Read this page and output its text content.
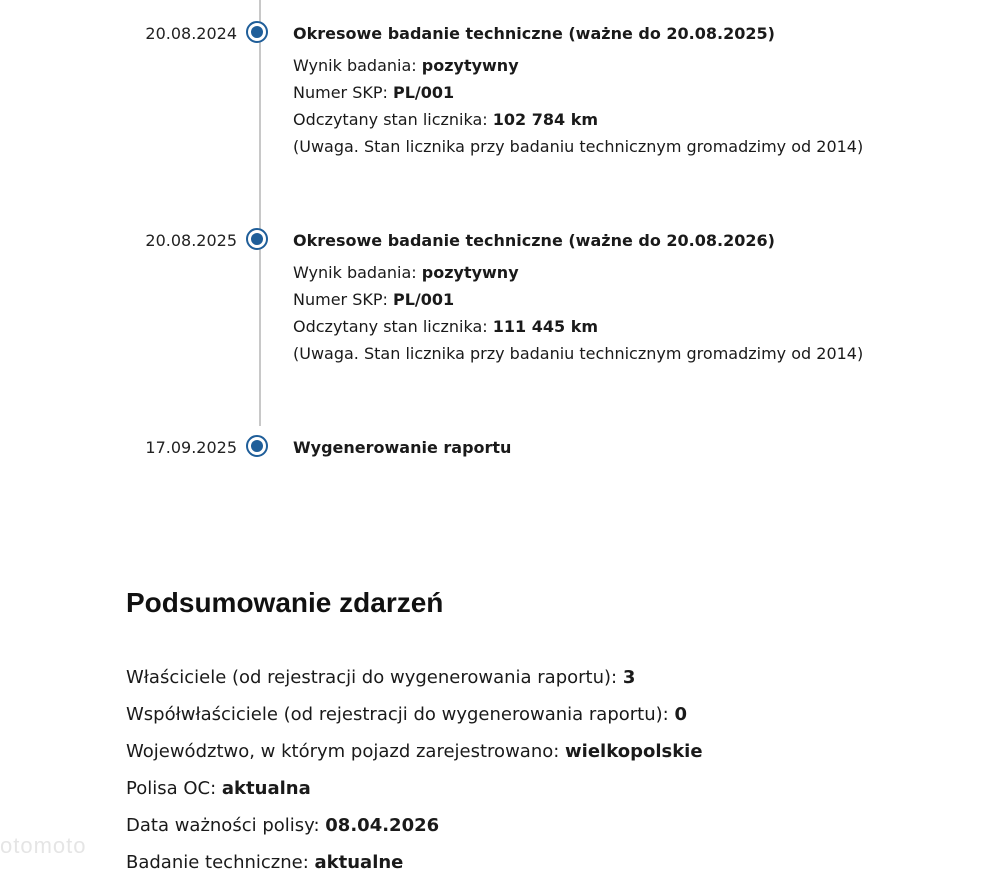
20.08.2024	Okresowe badanie techniczne (ważne do 20.08.2025)
Wynik badania: pozytywny
Numer SKP: PL/001
Odczytany stan licznika: 102 784 km
(Uwaga. Stan licznika przy badaniu technicznym gromadzimy od 2014)
20.08.2025	Okresowe badanie techniczne (ważne do 20.08.2026)
Wynik badania: pozytywny
Numer SKP: PL/001
Odczytany stan licznika: 111 445 km
(Uwaga. Stan licznika przy badaniu technicznym gromadzimy od 2014)
17.09.2025	Wygenerowanie raportu
Podsumowanie zdarzeń
Właściciele (od rejestracji do wygenerowania raportu): 3
Współwłaściciele (od rejestracji do wygenerowania raportu): 0
Województwo, w którym pojazd zarejestrowano: wielkopolskie
Polisa OC: aktualna
Data ważności polisy: 08.04.2026
Badanie techniczne: aktualne
otomoto
